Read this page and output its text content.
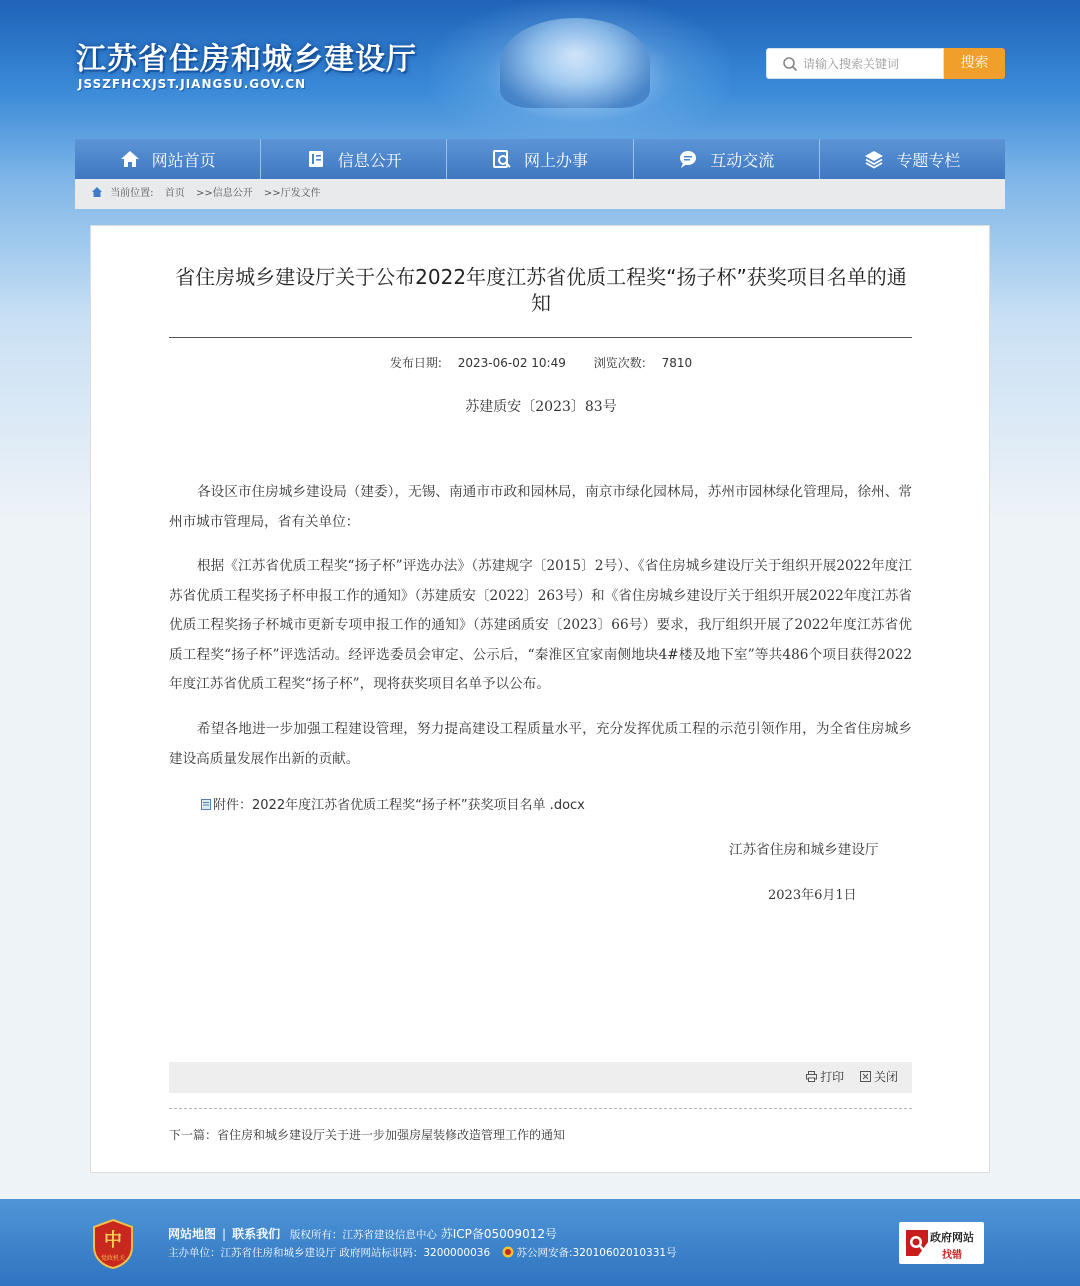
江苏省住房和城乡建设厅
JSSZFHCXJST.JIANGSU.GOV.CN
请输入搜索关键词	搜索
网站首页	信息公开	网上办事	互动交流	专题专栏
当前位置: 首页 >>信息公开 >>厅发文件
省住房城乡建设厅关于公布2022年度江苏省优质工程奖“扬子杯”获奖项目名单的通知
发布日期: 2023-06-02 10:49 浏览次数: 7810
苏建质安〔2023〕83号

各设区市住房城乡建设局（建委），无锡、南通市市政和园林局，南京市绿化园林局，苏州市园林绿化管理局，徐州、常州市城市管理局，省有关单位：

根据《江苏省优质工程奖“扬子杯”评选办法》（苏建规字〔2015〕2号）、《省住房城乡建设厅关于组织开展2022年度江苏省优质工程奖扬子杯申报工作的通知》（苏建质安〔2022〕263号）和《省住房城乡建设厅关于组织开展2022年度江苏省优质工程奖扬子杯城市更新专项申报工作的通知》（苏建函质安〔2023〕66号）要求，我厅组织开展了2022年度江苏省优质工程奖“扬子杯”评选活动。经评选委员会审定、公示后，“秦淮区宜家南侧地块4#楼及地下室”等共486个项目获得2022年度江苏省优质工程奖“扬子杯”，现将获奖项目名单予以公布。

希望各地进一步加强工程建设管理，努力提高建设工程质量水平，充分发挥优质工程的示范引领作用，为全省住房城乡建设高质量发展作出新的贡献。

附件：2022年度江苏省优质工程奖“扬子杯”获奖项目名单 .docx
江苏省住房和城乡建设厅
2023年6月1日
打印 关闭
下一篇：省住房和城乡建设厅关于进一步加强房屋装修改造管理工作的通知
中
党政机关
网站地图 | 联系我们 版权所有：江苏省建设信息中心 苏ICP备05009012号
主办单位：江苏省住房和城乡建设厅 政府网站标识码：3200000036	苏公网安备:32010602010331号
政府网站
找错
